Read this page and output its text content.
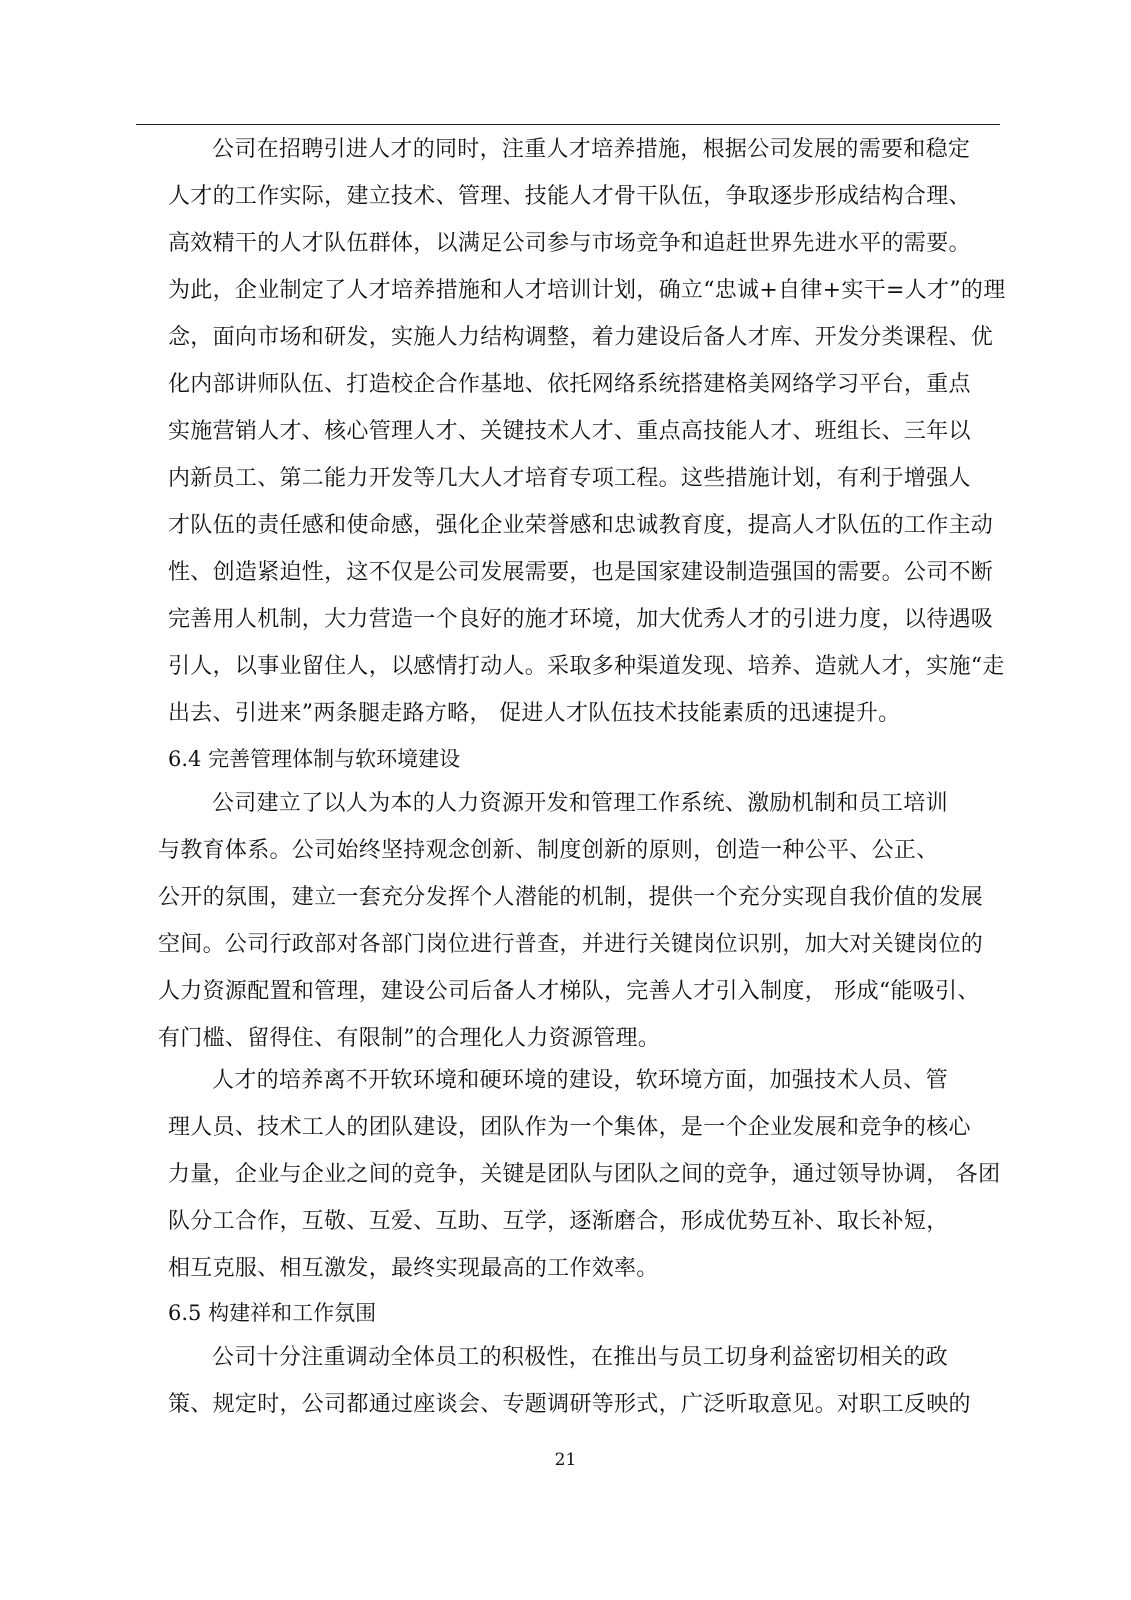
公司在招聘引进人才的同时，注重人才培养措施，根据公司发展的需要和稳定
人才的工作实际，建立技术、管理、技能人才骨干队伍，争取逐步形成结构合理、
高效精干的人才队伍群体，以满足公司参与市场竞争和追赶世界先进水平的需要。
为此，企业制定了人才培养措施和人才培训计划，确立“忠诚+自律+实干=人才”的理
念，面向市场和研发，实施人力结构调整，着力建设后备人才库、开发分类课程、优
化内部讲师队伍、打造校企合作基地、依托网络系统搭建格美网络学习平台，重点
实施营销人才、核心管理人才、关键技术人才、重点高技能人才、班组长、三年以
内新员工、第二能力开发等几大人才培育专项工程。这些措施计划，有利于增强人
才队伍的责任感和使命感，强化企业荣誉感和忠诚教育度，提高人才队伍的工作主动
性、创造紧迫性，这不仅是公司发展需要，也是国家建设制造强国的需要。公司不断
完善用人机制，大力营造一个良好的施才环境，加大优秀人才的引进力度，以待遇吸
引人，以事业留住人，以感情打动人。采取多种渠道发现、培养、造就人才，实施“走
出去、引进来”两条腿走路方略， 促进人才队伍技术技能素质的迅速提升。
6.4 完善管理体制与软环境建设
公司建立了以人为本的人力资源开发和管理工作系统、激励机制和员工培训
与教育体系。公司始终坚持观念创新、制度创新的原则，创造一种公平、公正、
公开的氛围，建立一套充分发挥个人潜能的机制，提供一个充分实现自我价值的发展
空间。公司行政部对各部门岗位进行普查，并进行关键岗位识别，加大对关键岗位的
人力资源配置和管理，建设公司后备人才梯队，完善人才引入制度， 形成“能吸引、
有门槛、留得住、有限制”的合理化人力资源管理。
人才的培养离不开软环境和硬环境的建设，软环境方面，加强技术人员、管
理人员、技术工人的团队建设，团队作为一个集体，是一个企业发展和竞争的核心
力量，企业与企业之间的竞争，关键是团队与团队之间的竞争，通过领导协调， 各团
队分工合作，互敬、互爱、互助、互学，逐渐磨合，形成优势互补、取长补短，
相互克服、相互激发，最终实现最高的工作效率。
6.5 构建祥和工作氛围
公司十分注重调动全体员工的积极性，在推出与员工切身利益密切相关的政
策、规定时，公司都通过座谈会、专题调研等形式，广泛听取意见。对职工反映的
21
